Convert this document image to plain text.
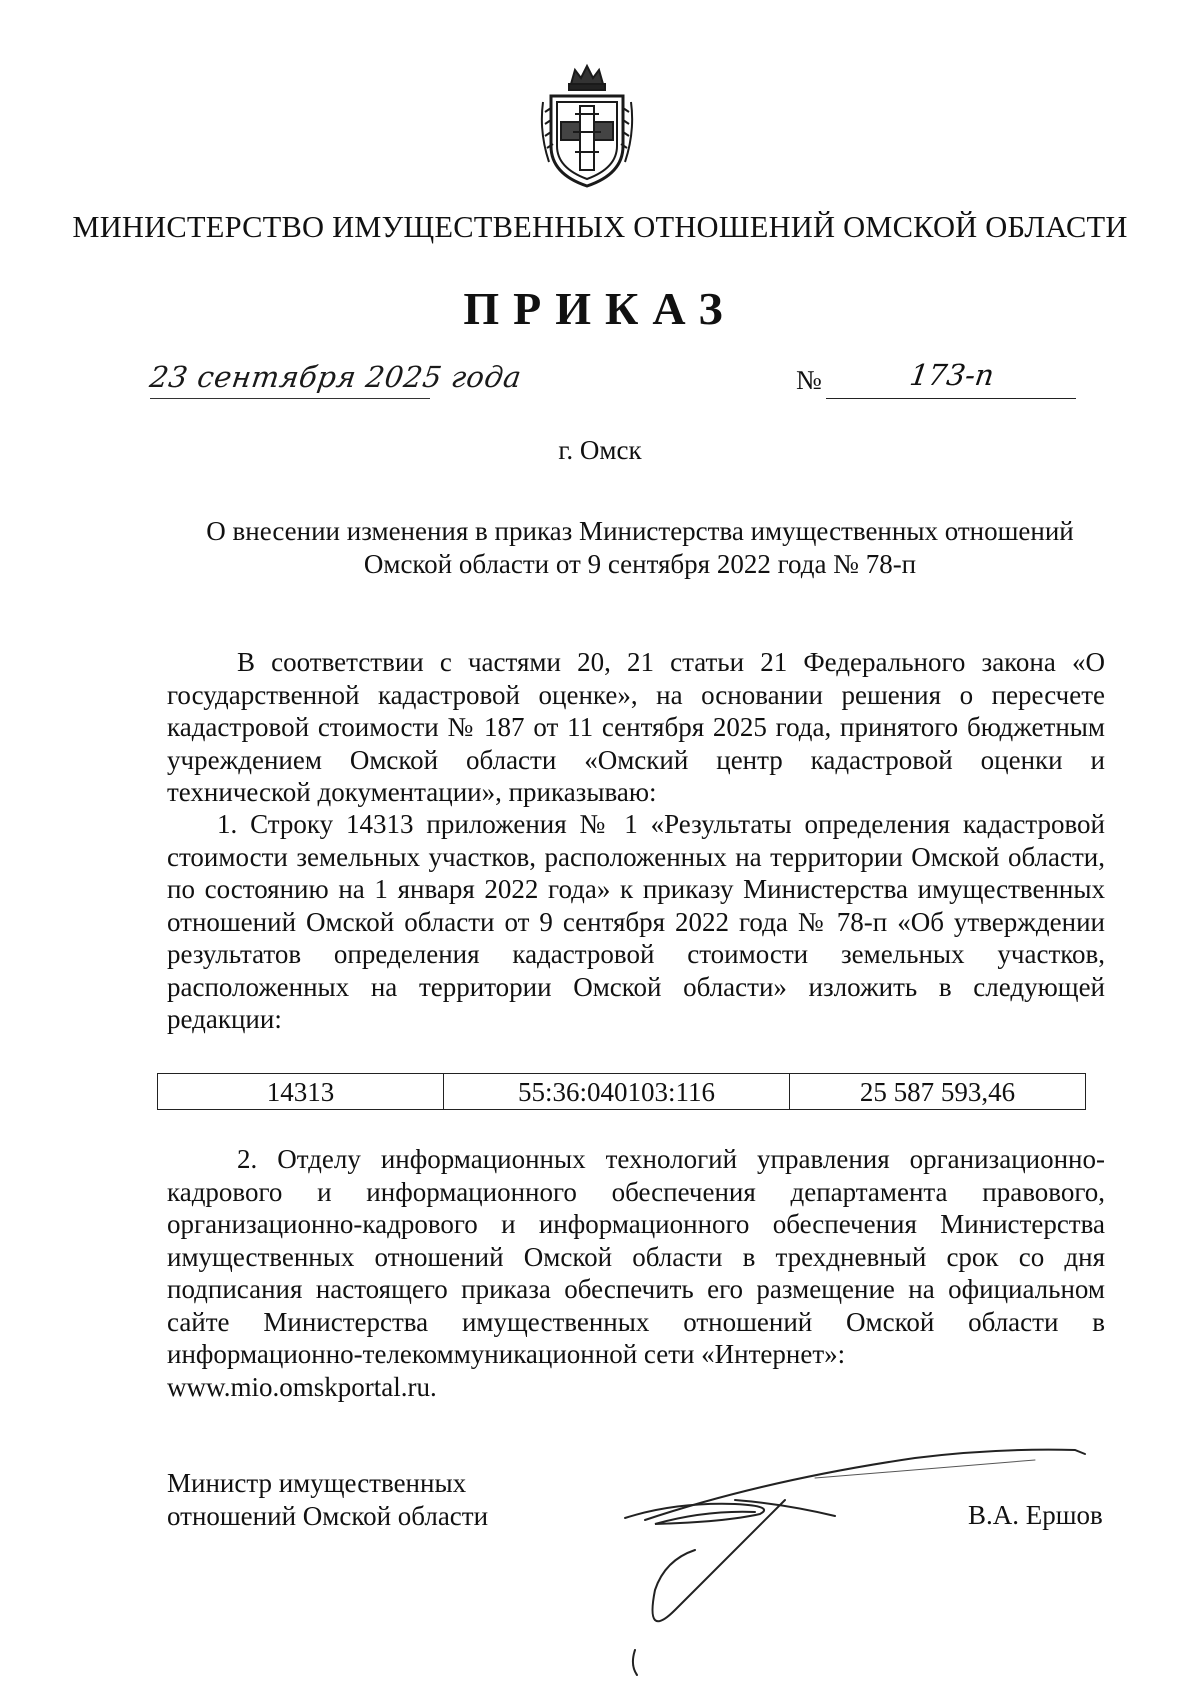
МИНИСТЕРСТВО ИМУЩЕСТВЕННЫХ ОТНОШЕНИЙ ОМСКОЙ ОБЛАСТИ
ПРИКАЗ
23 сентября 2025 года	№	173-п
г. Омск
О внесении изменения в приказ Министерства имущественных отношений
Омской области от 9 сентября 2022 года № 78-п
В соответствии с частями 20, 21 статьи 21 Федерального закона «О государственной кадастровой оценке», на основании решения о пересчете кадастровой стоимости № 187 от 11 сентября 2025 года, принятого бюджетным учреждением Омской области «Омский центр кадастровой оценки и технической документации», приказываю:
1. Строку 14313 приложения № 1 «Результаты определения кадастровой стоимости земельных участков, расположенных на территории Омской области, по состоянию на 1 января 2022 года» к приказу Министерства имущественных отношений Омской области от 9 сентября 2022 года № 78-п «Об утверждении результатов определения кадастровой стоимости земельных участков, расположенных на территории Омской области» изложить в следующей редакции:
14313	55:36:040103:116	25 587 593,46
2. Отделу информационных технологий управления организационно-кадрового и информационного обеспечения департамента правового, организационно-кадрового и информационного обеспечения Министерства имущественных отношений Омской области в трехдневный срок со дня подписания настоящего приказа обеспечить его размещение на официальном сайте Министерства имущественных отношений Омской области в информационно-телекоммуникационной сети «Интернет»:
www.mio.omskportal.ru.
Министр имущественных
отношений Омской области	В.А. Ершов
